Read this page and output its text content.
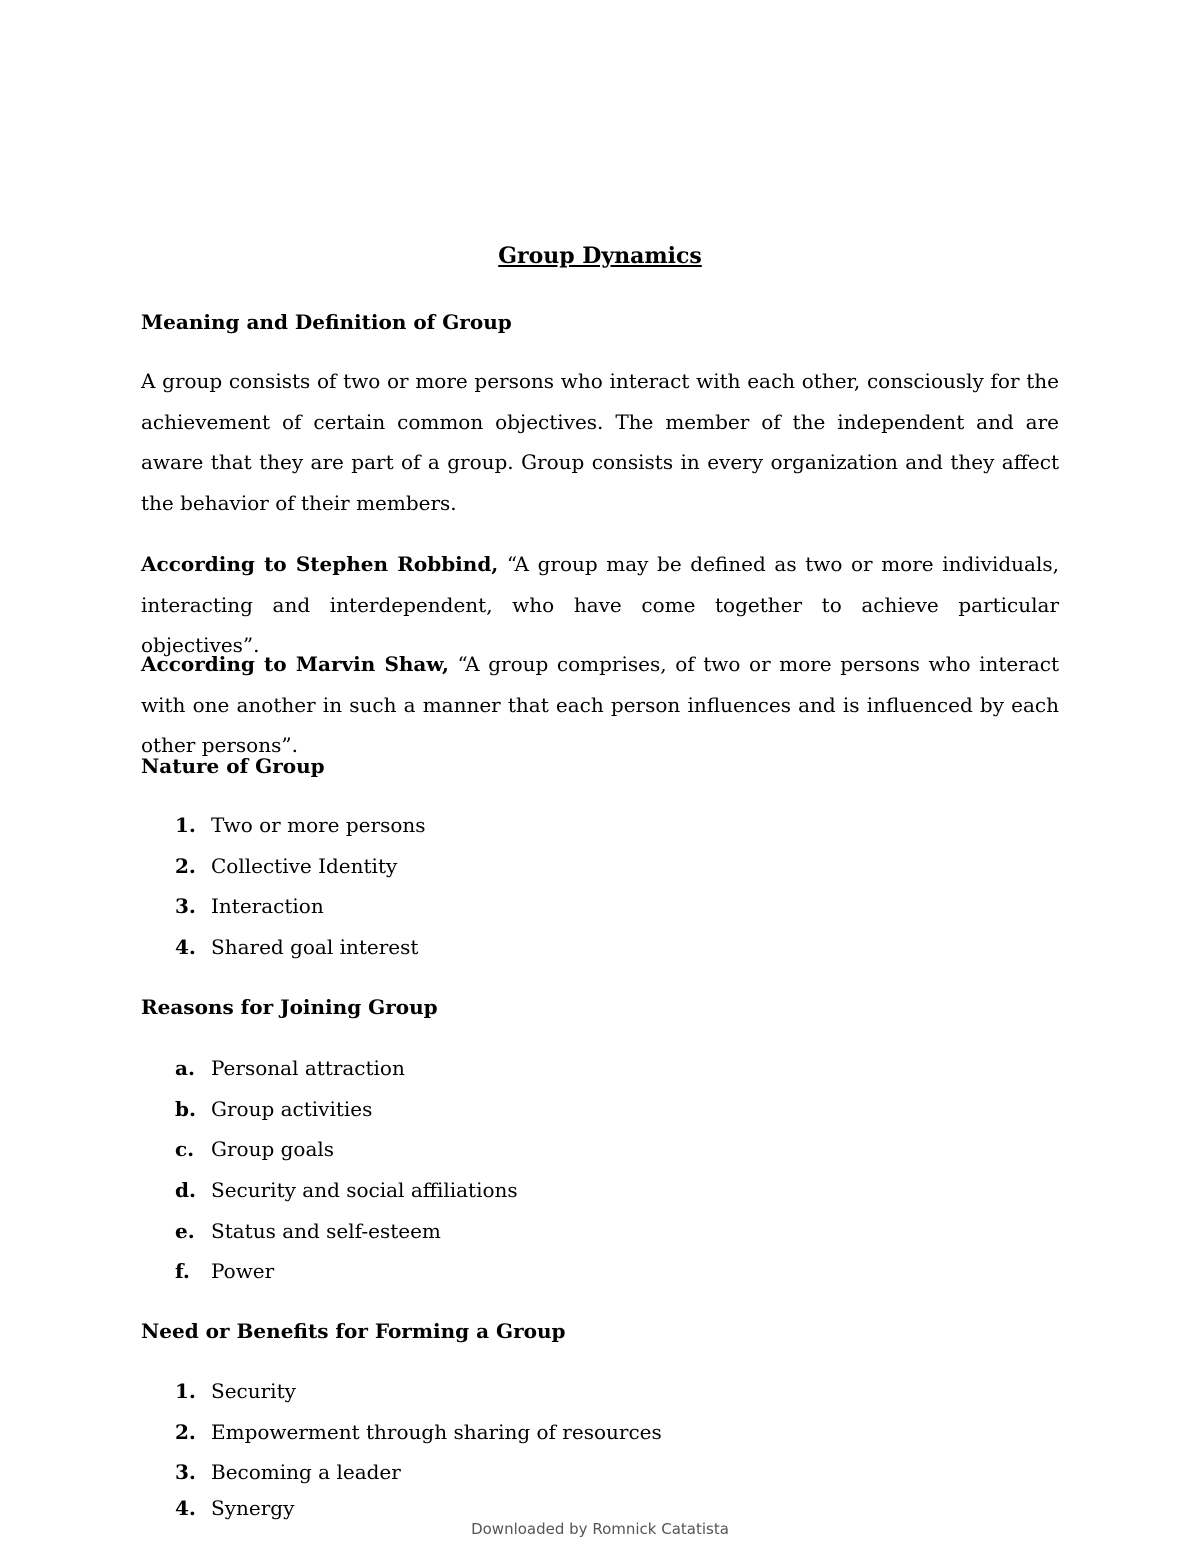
Group Dynamics
Meaning and Definition of Group

A group consists of two or more persons who interact with each other, consciously for the achievement of certain common objectives. The member of the independent and are aware that they are part of a group. Group consists in every organization and they affect the behavior of their members.

According to Stephen Robbind, “A group may be defined as two or more individuals, interacting and interdependent, who have come together to achieve particular objectives”.

According to Marvin Shaw, “A group comprises, of two or more persons who interact with one another in such a manner that each person influences and is influenced by each other persons”.

Nature of Group
1. Two or more persons
2. Collective Identity
3. Interaction
4. Shared goal interest
Reasons for Joining Group
a. Personal attraction
b. Group activities
c. Group goals
d. Security and social affiliations
e. Status and self-esteem
f. Power
Need or Benefits for Forming a Group
1. Security
2. Empowerment through sharing of resources
3. Becoming a leader
4. Synergy

Downloaded by Romnick Catatista
